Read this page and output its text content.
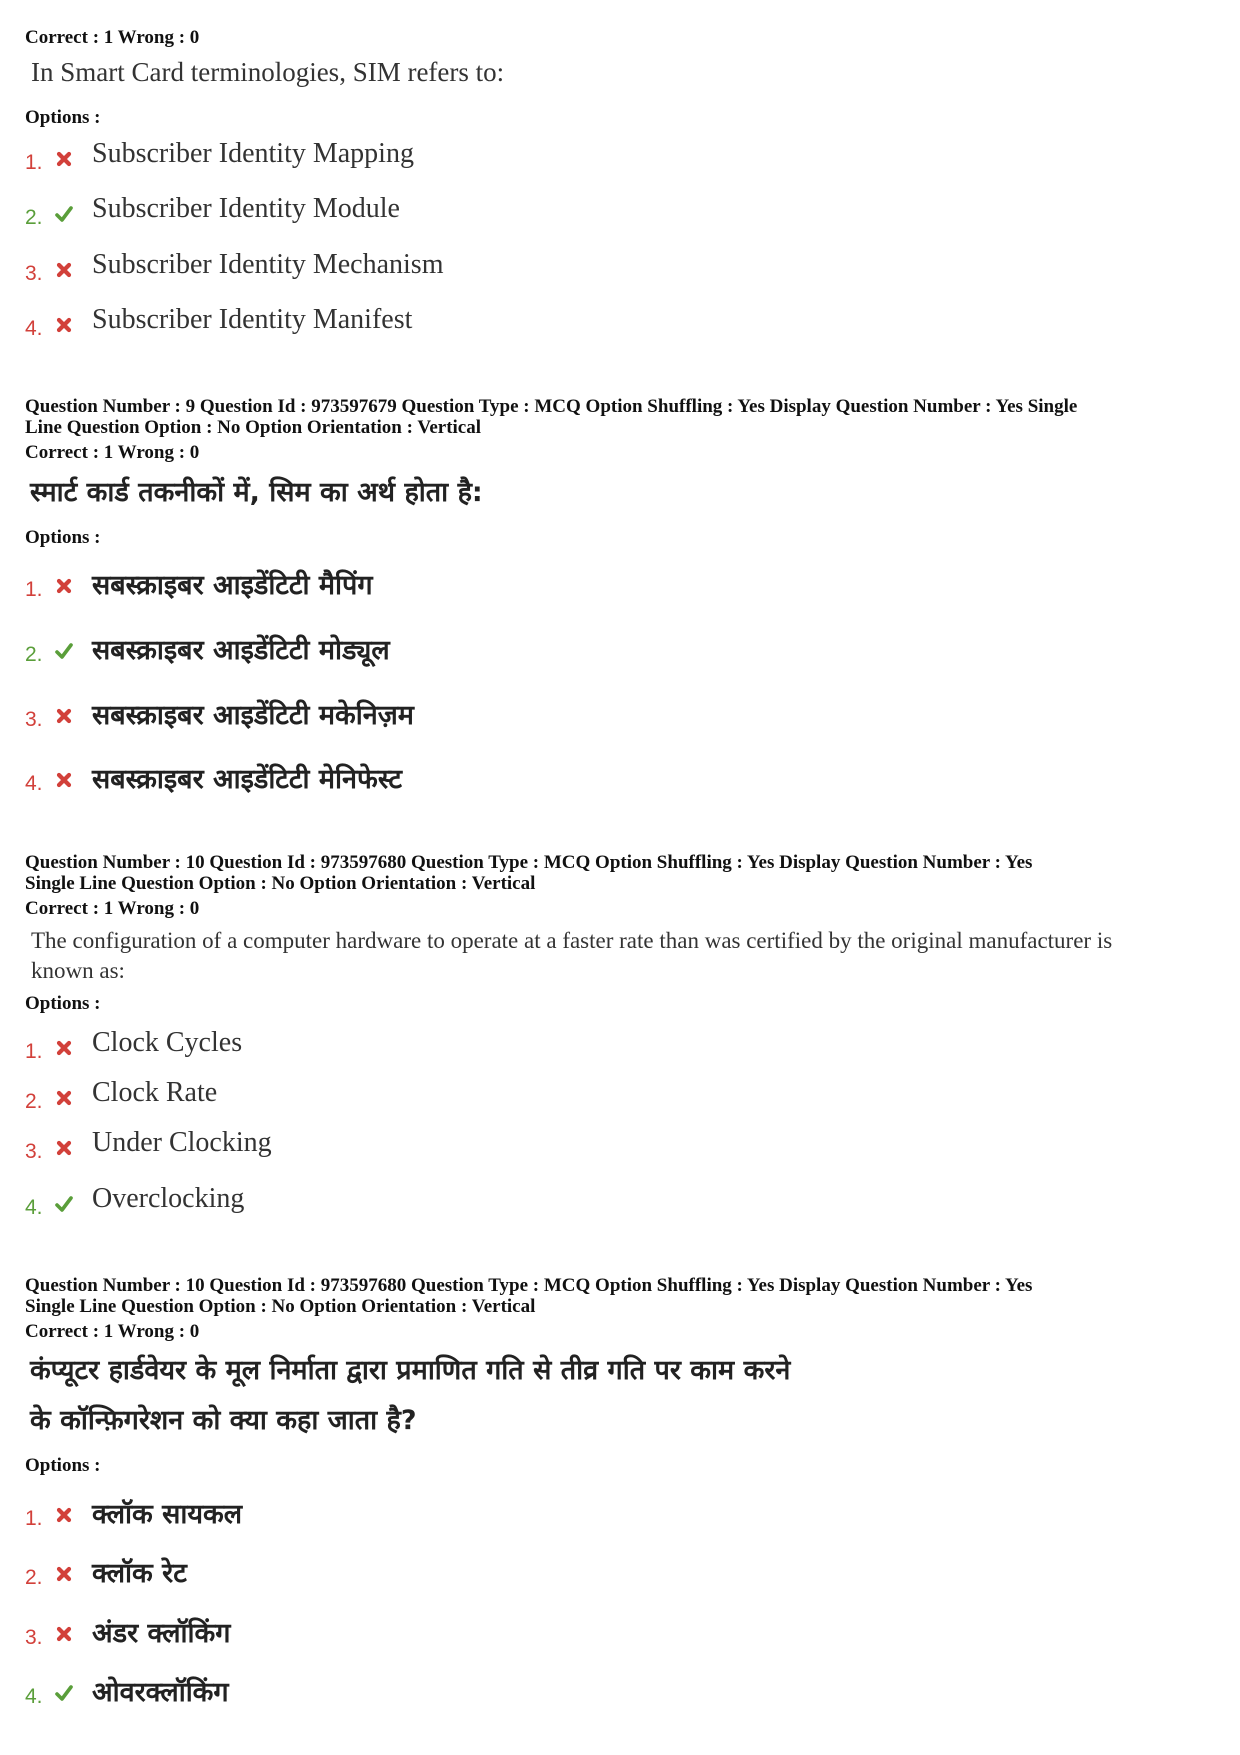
Correct : 1 Wrong : 0
In Smart Card terminologies, SIM refers to:
Options :
1. Subscriber Identity Mapping
2. Subscriber Identity Module
3. Subscriber Identity Mechanism
4. Subscriber Identity Manifest
Question Number : 9 Question Id : 973597679 Question Type : MCQ Option Shuffling : Yes Display Question Number : Yes Single
Line Question Option : No Option Orientation : Vertical
Correct : 1 Wrong : 0
स्मार्ट कार्ड तकनीकों में, सिम का अर्थ होता है:
Options :
1. सबस्क्राइबर आइडेंटिटी मैपिंग
2. सबस्क्राइबर आइडेंटिटी मोड्यूल
3. सबस्क्राइबर आइडेंटिटी मकेनिज़म
4. सबस्क्राइबर आइडेंटिटी मेनिफेस्ट
Question Number : 10 Question Id : 973597680 Question Type : MCQ Option Shuffling : Yes Display Question Number : Yes
Single Line Question Option : No Option Orientation : Vertical
Correct : 1 Wrong : 0
The configuration of a computer hardware to operate at a faster rate than was certified by the original manufacturer is
known as:
Options :
1. Clock Cycles
2. Clock Rate
3. Under Clocking
4. Overclocking
Question Number : 10 Question Id : 973597680 Question Type : MCQ Option Shuffling : Yes Display Question Number : Yes
Single Line Question Option : No Option Orientation : Vertical
Correct : 1 Wrong : 0
कंप्यूटर हार्डवेयर के मूल निर्माता द्वारा प्रमाणित गति से तीव्र गति पर काम करने
के कॉन्फ़िगरेशन को क्या कहा जाता है?
Options :
1. क्लॉक सायकल
2. क्लॉक रेट
3. अंडर क्लॉकिंग
4. ओवरक्लॉकिंग
